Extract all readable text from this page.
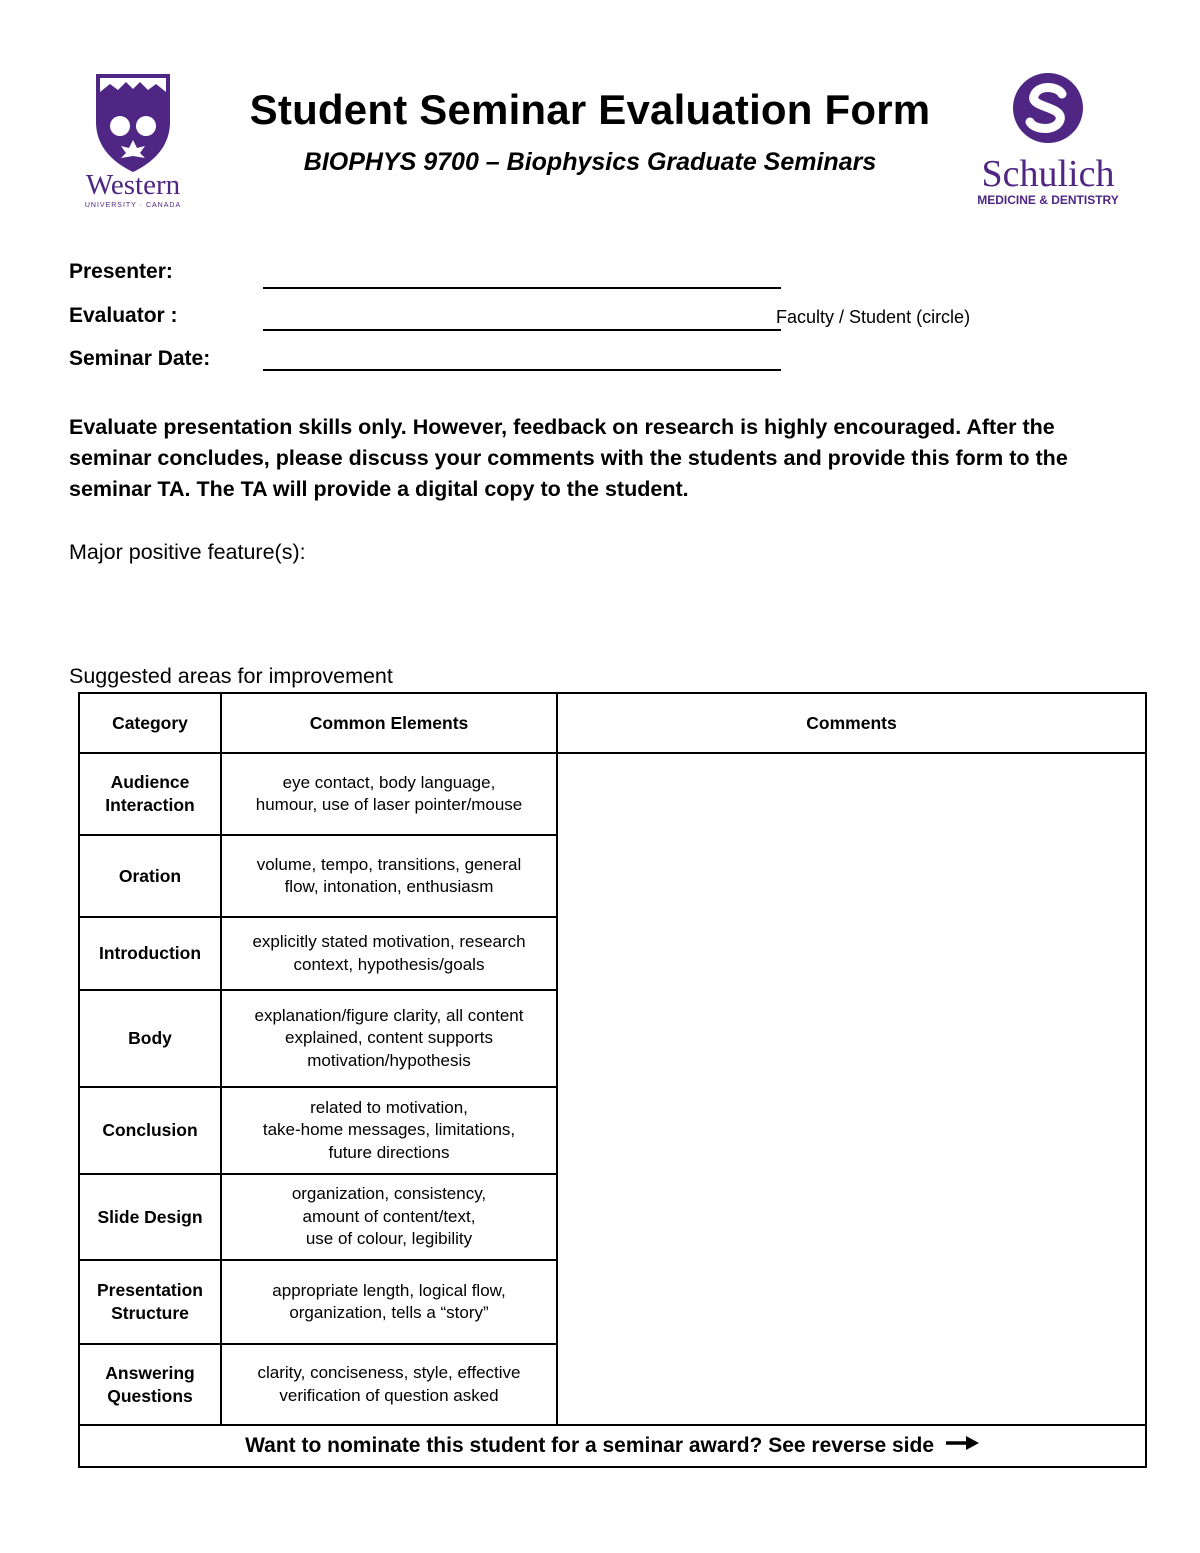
Western
UNIVERSITY · CANADA
Schulich
MEDICINE & DENTISTRY
Student Seminar Evaluation Form
BIOPHYS 9700 – Biophysics Graduate Seminars
Presenter:
Evaluator :	Faculty / Student (circle)
Seminar Date:
Evaluate presentation skills only. However, feedback on research is highly encouraged. After the seminar concludes, please discuss your comments with the students and provide this form to the seminar TA. The TA will provide a digital copy to the student.
Major positive feature(s):
Suggested areas for improvement
Category	Common Elements	Comments
Audience
Interaction	eye contact, body language,
humour, use of laser pointer/mouse	
Oration	volume, tempo, transitions, general
flow, intonation, enthusiasm	
Introduction	explicitly stated motivation, research
context, hypothesis/goals	
Body	explanation/figure clarity, all content
explained, content supports
motivation/hypothesis	
Conclusion	related to motivation,
take-home messages, limitations,
future directions	
Slide Design	organization, consistency,
amount of content/text,
use of colour, legibility	
Presentation
Structure	appropriate length, logical flow,
organization, tells a “story”	
Answering
Questions	clarity, conciseness, style, effective
verification of question asked	
Want to nominate this student for a seminar award? See reverse side		
